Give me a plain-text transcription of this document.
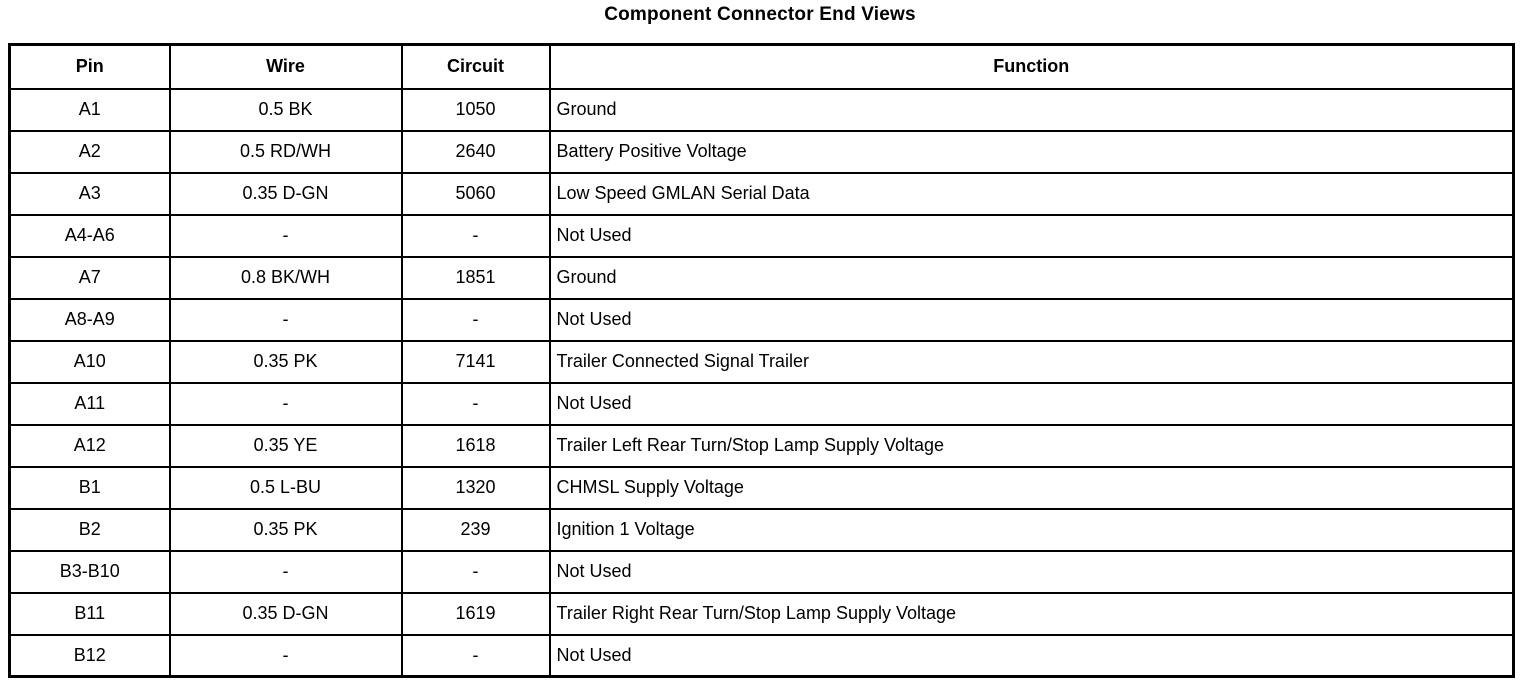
Component Connector End Views
Pin	Wire	Circuit	Function
A1	0.5 BK	1050	Ground
A2	0.5 RD/WH	2640	Battery Positive Voltage
A3	0.35 D-GN	5060	Low Speed GMLAN Serial Data
A4-A6	-	-	Not Used
A7	0.8 BK/WH	1851	Ground
A8-A9	-	-	Not Used
A10	0.35 PK	7141	Trailer Connected Signal Trailer
A11	-	-	Not Used
A12	0.35 YE	1618	Trailer Left Rear Turn/Stop Lamp Supply Voltage
B1	0.5 L-BU	1320	CHMSL Supply Voltage
B2	0.35 PK	239	Ignition 1 Voltage
B3-B10	-	-	Not Used
B11	0.35 D-GN	1619	Trailer Right Rear Turn/Stop Lamp Supply Voltage
B12	-	-	Not Used
